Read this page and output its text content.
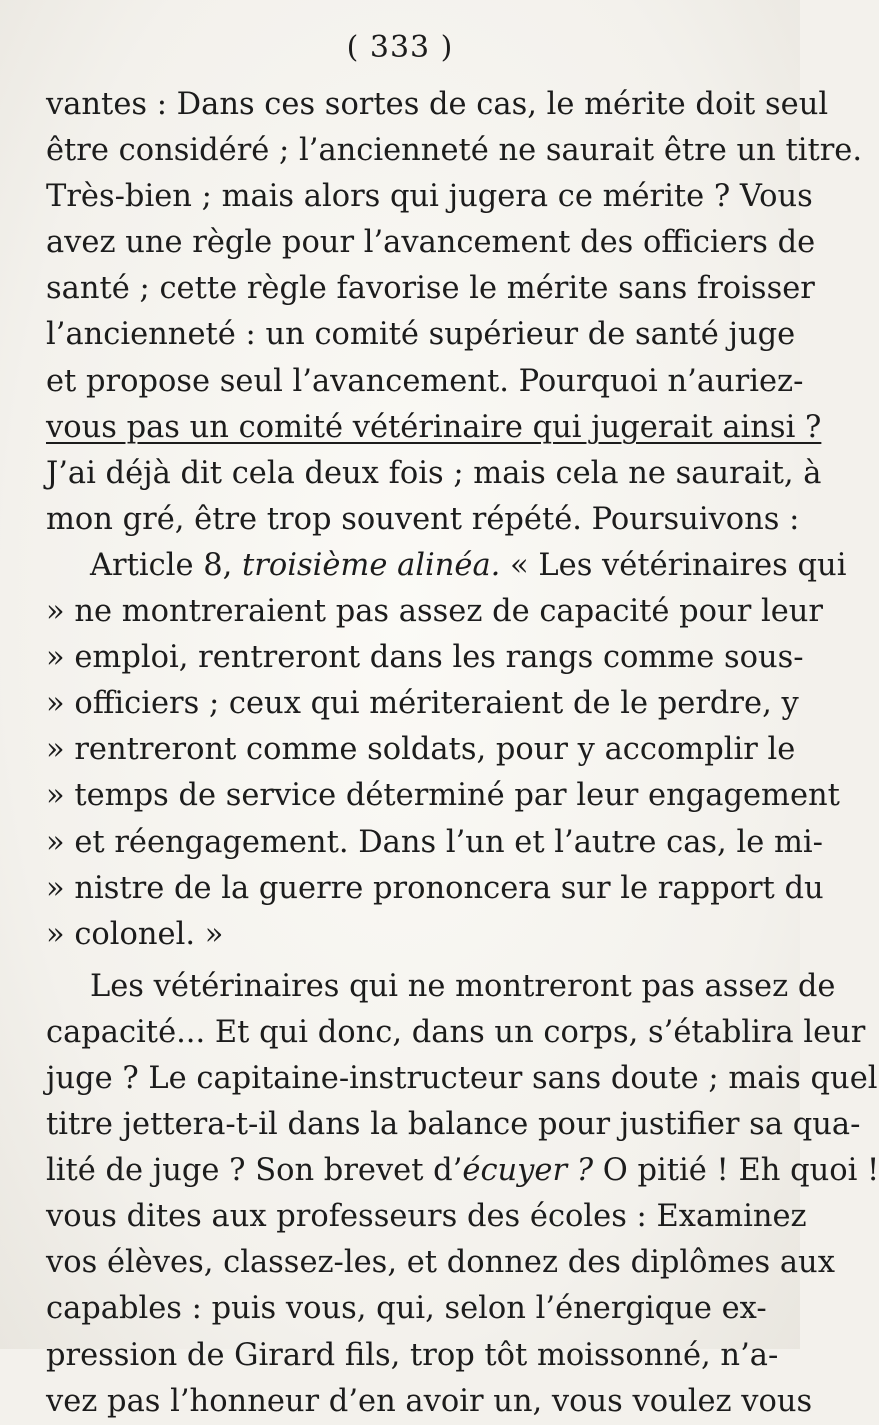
( 333 )
vantes : Dans ces sortes de cas, le mérite doit seul
être considéré ; l’ancienneté ne saurait être un titre.
Très-bien ; mais alors qui jugera ce mérite ? Vous
avez une règle pour l’avancement des officiers de
santé ; cette règle favorise le mérite sans froisser
l’ancienneté : un comité supérieur de santé juge
et propose seul l’avancement. Pourquoi n’auriez-
vous pas un comité vétérinaire qui jugerait ainsi ?
J’ai déjà dit cela deux fois ; mais cela ne saurait, à
mon gré, être trop souvent répété. Poursuivons :
Article 8, troisième alinéa. « Les vétérinaires qui
» ne montreraient pas assez de capacité pour leur
» emploi, rentreront dans les rangs comme sous-
» officiers ; ceux qui mériteraient de le perdre, y
» rentreront comme soldats, pour y accomplir le
» temps de service déterminé par leur engagement
» et réengagement. Dans l’un et l’autre cas, le mi-
» nistre de la guerre prononcera sur le rapport du
» colonel. »
Les vétérinaires qui ne montreront pas assez de
capacité... Et qui donc, dans un corps, s’établira leur
juge ? Le capitaine-instructeur sans doute ; mais quel
titre jettera-t-il dans la balance pour justifier sa qua-
lité de juge ? Son brevet d’écuyer ? O pitié ! Eh quoi !
vous dites aux professeurs des écoles : Examinez
vos élèves, classez-les, et donnez des diplômes aux
capables : puis vous, qui, selon l’énergique ex-
pression de Girard fils, trop tôt moissonné, n’a-
vez pas l’honneur d’en avoir un, vous voulez vous
